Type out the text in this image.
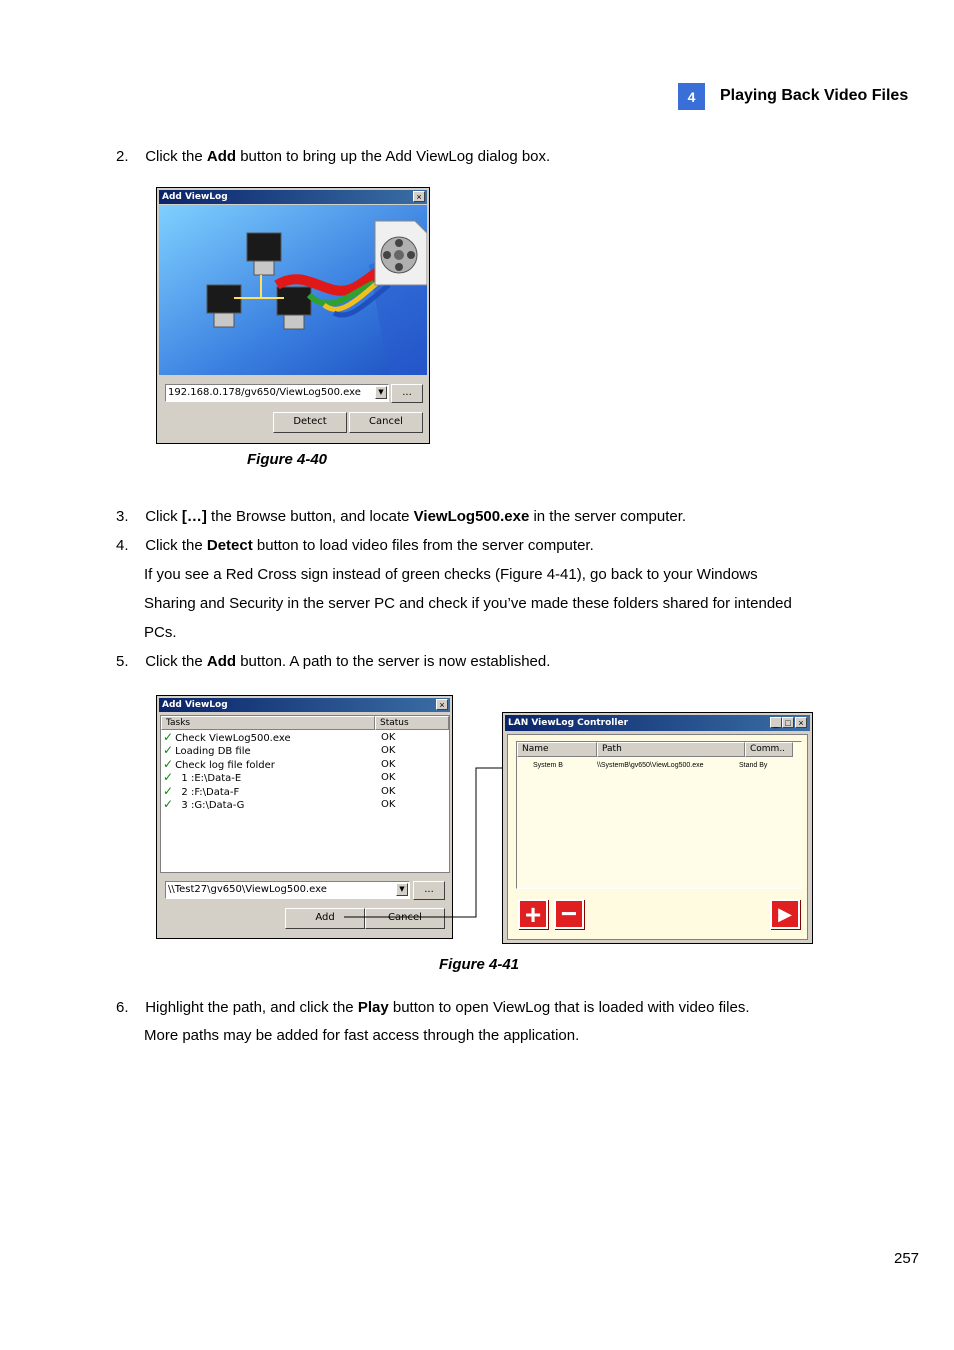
4	Playing Back Video Files
2. Click the Add button to bring up the Add ViewLog dialog box.
Add ViewLog	×
192.168.0.178/gv650/ViewLog500.exe	▼	...
Detect	Cancel
Figure 4-40
3. Click […] the Browse button, and locate ViewLog500.exe in the server computer.
4. Click the Detect button to load video files from the server computer.
If you see a Red Cross sign instead of green checks (Figure 4-41), go back to your Windows
Sharing and Security in the server PC and check if you’ve made these folders shared for intended
PCs.
5. Click the Add button. A path to the server is now established.
Add ViewLog	×
Tasks	Status
✓ Check ViewLog500.exe	OK
✓ Loading DB file	OK
✓ Check log file folder	OK
✓ 1 :E:\Data-E	OK
✓ 2 :F:\Data-F	OK
✓ 3 :G:\Data-G	OK
\\Test27\gv650\ViewLog500.exe	▼	...
Add	Cancel
LAN ViewLog Controller	_ □ ×
Name	Path	Comm..
System B	\\SystemB\gv650\ViewLog500.exe	Stand By
+ −	▶
Figure 4-41
6. Highlight the path, and click the Play button to open ViewLog that is loaded with video files.
More paths may be added for fast access through the application.
257
